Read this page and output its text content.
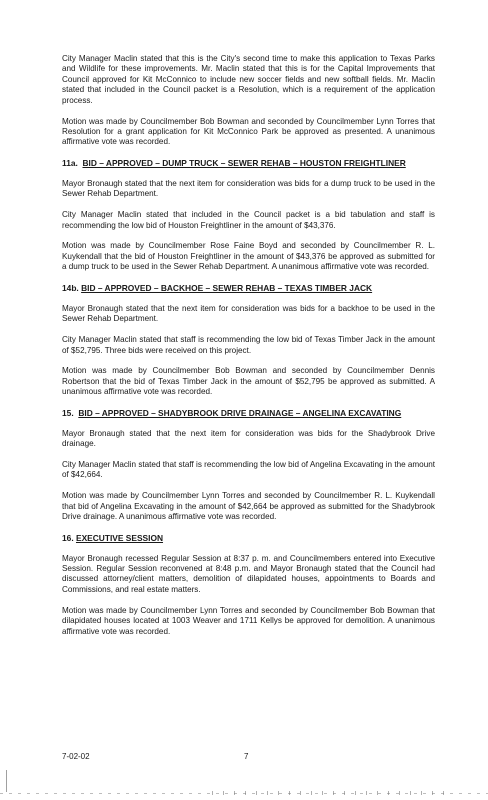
City Manager Maclin stated that this is the City's second time to make this application to Texas Parks and Wildlife for these improvements. Mr. Maclin stated that this is for the Capital Improvements that Council approved for Kit McConnico to include new soccer fields and new softball fields. Mr. Maclin stated that included in the Council packet is a Resolution, which is a requirement of the application process.

Motion was made by Councilmember Bob Bowman and seconded by Councilmember Lynn Torres that Resolution for a grant application for Kit McConnico Park be approved as presented. A unanimous affirmative vote was recorded.

11a. BID – APPROVED – DUMP TRUCK – SEWER REHAB – HOUSTON FREIGHTLINER

Mayor Bronaugh stated that the next item for consideration was bids for a dump truck to be used in the Sewer Rehab Department.

City Manager Maclin stated that included in the Council packet is a bid tabulation and staff is recommending the low bid of Houston Freightliner in the amount of $43,376.

Motion was made by Councilmember Rose Faine Boyd and seconded by Councilmember R. L. Kuykendall that the bid of Houston Freightliner in the amount of $43,376 be approved as submitted for a dump truck to be used in the Sewer Rehab Department. A unanimous affirmative vote was recorded.

14b. BID – APPROVED – BACKHOE – SEWER REHAB – TEXAS TIMBER JACK

Mayor Bronaugh stated that the next item for consideration was bids for a backhoe to be used in the Sewer Rehab Department.

City Manager Maclin stated that staff is recommending the low bid of Texas Timber Jack in the amount of $52,795. Three bids were received on this project.

Motion was made by Councilmember Bob Bowman and seconded by Councilmember Dennis Robertson that the bid of Texas Timber Jack in the amount of $52,795 be approved as submitted. A unanimous affirmative vote was recorded.

15. BID – APPROVED – SHADYBROOK DRIVE DRAINAGE – ANGELINA EXCAVATING

Mayor Bronaugh stated that the next item for consideration was bids for the Shadybrook Drive drainage.

City Manager Maclin stated that staff is recommending the low bid of Angelina Excavating in the amount of $42,664.

Motion was made by Councilmember Lynn Torres and seconded by Councilmember R. L. Kuykendall that bid of Angelina Excavating in the amount of $42,664 be approved as submitted for the Shadybrook Drive drainage. A unanimous affirmative vote was recorded.

16. EXECUTIVE SESSION

Mayor Bronaugh recessed Regular Session at 8:37 p. m. and Councilmembers entered into Executive Session. Regular Session reconvened at 8:48 p.m. and Mayor Bronaugh stated that the Council had discussed attorney/client matters, demolition of dilapidated houses, appointments to Boards and Commissions, and real estate matters.

Motion was made by Councilmember Lynn Torres and seconded by Councilmember Bob Bowman that dilapidated houses located at 1003 Weaver and 1711 Kellys be approved for demolition. A unanimous affirmative vote was recorded.

7-02-02	7
